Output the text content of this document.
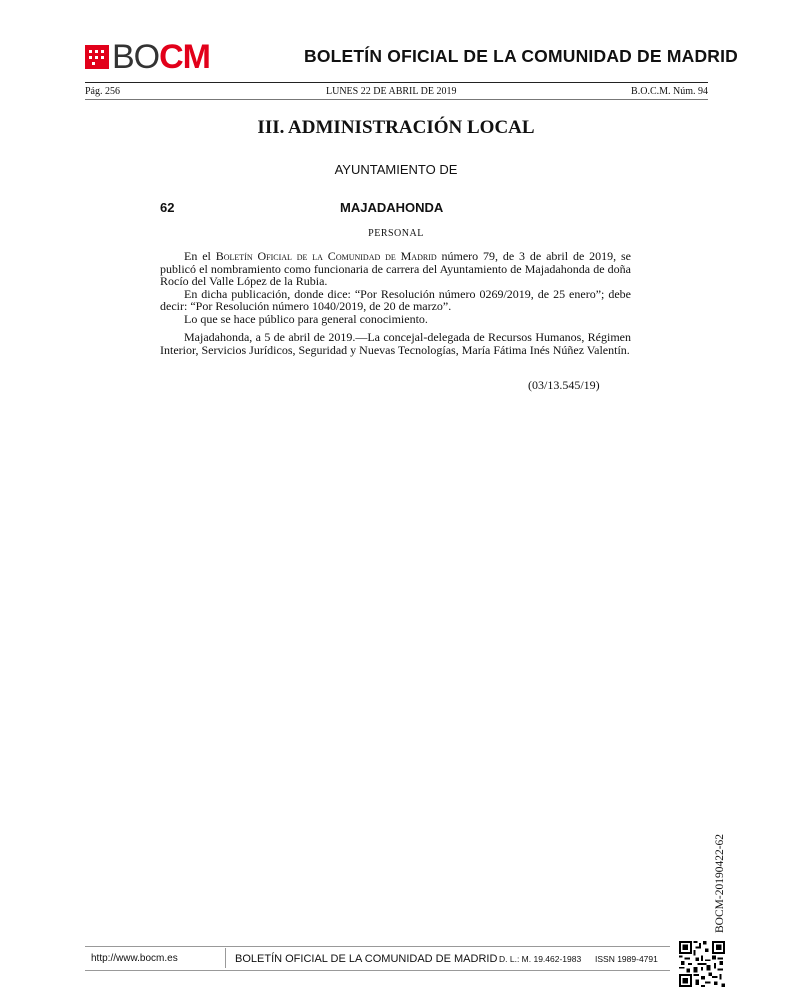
BOCM	BOLETÍN OFICIAL DE LA COMUNIDAD DE MADRID
Pág. 256	LUNES 22 DE ABRIL DE 2019	B.O.C.M. Núm. 94
III. ADMINISTRACIÓN LOCAL
AYUNTAMIENTO DE
62	MAJADAHONDA
PERSONAL

En el Boletín Oficial de la Comunidad de Madrid número 79, de 3 de abril de 2019, se publicó el nombramiento como funcionaria de carrera del Ayuntamiento de Majadahonda de doña Rocío del Valle López de la Rubia.

En dicha publicación, donde dice: “Por Resolución número 0269/2019, de 25 enero”; debe decir: “Por Resolución número 1040/2019, de 20 de marzo”.

Lo que se hace público para general conocimiento.

Majadahonda, a 5 de abril de 2019.—La concejal-delegada de Recursos Humanos, Régimen Interior, Servicios Jurídicos, Seguridad y Nuevas Tecnologías, María Fátima Inés Núñez Valentín.

(03/13.545/19)
BOCM-20190422-62
http://www.bocm.es	BOLETÍN OFICIAL DE LA COMUNIDAD DE MADRID D. L.: M. 19.462-1983 ISSN 1989-4791
